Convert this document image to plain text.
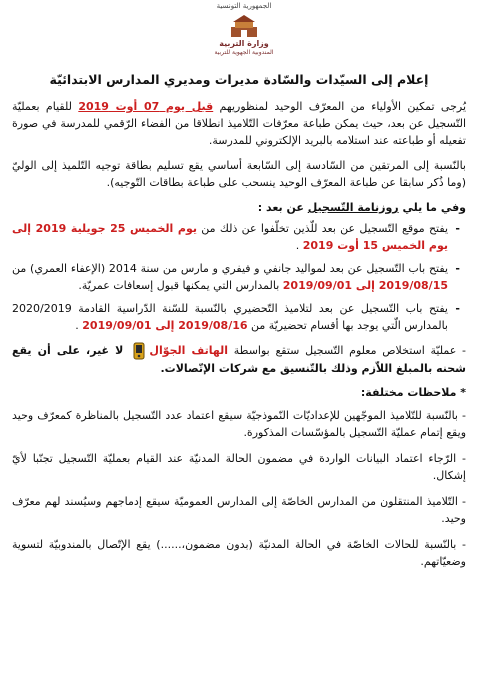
الجمهورية التونسية
وزارة التربية
المندوبية الجهوية للتربية
إعلام إلى السيّدات والسّادة مديرات ومديري المدارس الابتدائيّة

يُرجى تمكين الأولياء من المعرّف الوحيد لمنظوريهم قبل يوم 07 أوت 2019 للقيام بعمليّة التّسجيل عن بعد، حيث يمكن طباعة معرّفات التّلاميذ انطلاقا من الفضاء الرّقمي للمدرسة في صورة تفعيله أو طباعته عند استلامه بالبريد الإلكتروني للمدرسة.

بالنّسبة إلى المرتقين من السّادسة إلى السّابعة أساسي يقع تسليم بطاقة توجيه التّلميذ إلى الوليّ (وما ذُكر سابقا عن طباعة المعرّف الوحيد ينسحب على طباعة بطاقات التّوجيه).

وفي ما يلي روزنامة التّسجيل عن بعد :
- يفتح موقع التّسجيل عن بعد للّذين تخلّفوا عن ذلك من يوم الخميس 25 جويلية 2019 إلى يوم الخميس 15 أوت 2019 .
- يفتح باب التّسجيل عن بعد لمواليد جانفي و فيفري و مارس من سنة 2014 (الإعفاء العمري) من 2019/08/15 إلى 2019/09/01 بالمدارس التي يمكنها قبول إسعافات عمريّة.
- يفتح باب التّسجيل عن بعد لتلاميذ التّحضيري بالنّسبة للسّنة الدّراسية القادمة 2020/2019 بالمدارس الّتي يوجد بها أقسام تحضيريّة من 2019/08/16 إلى 2019/09/01 .

- عمليّة استخلاص معلوم التّسجيل ستقع بواسطة الهاتف الجوّال لا غير، على أن يقع شحنه بالمبلغ اللاّزم وذلك بالتّنسيق مع شركات الإتّصالات.

* ملاحظات مختلفة:

- بالنّسبة للتّلاميذ الموجّهين للإعداديّات النّموذجيّة سيقع اعتماد عدد التّسجيل بالمناظرة كمعرّف وحيد ويقع إتمام عمليّة التّسجيل بالمؤسّسات المذكورة.

- الرّجاء اعتماد البيانات الواردة في مضمون الحالة المدنيّة عند القيام بعمليّة التّسجيل تجنّبا لأيّ إشكال.

- التّلاميذ المنتقلون من المدارس الخاصّة إلى المدارس العموميّة سيقع إدماجهم وسيُسند لهم معرّف وحيد.

- بالنّسبة للحالات الخاصّة في الحالة المدنيّة (بدون مضمون،......) يقع الإتّصال بالمندوبيّة لتسوية وضعيّاتهم.
